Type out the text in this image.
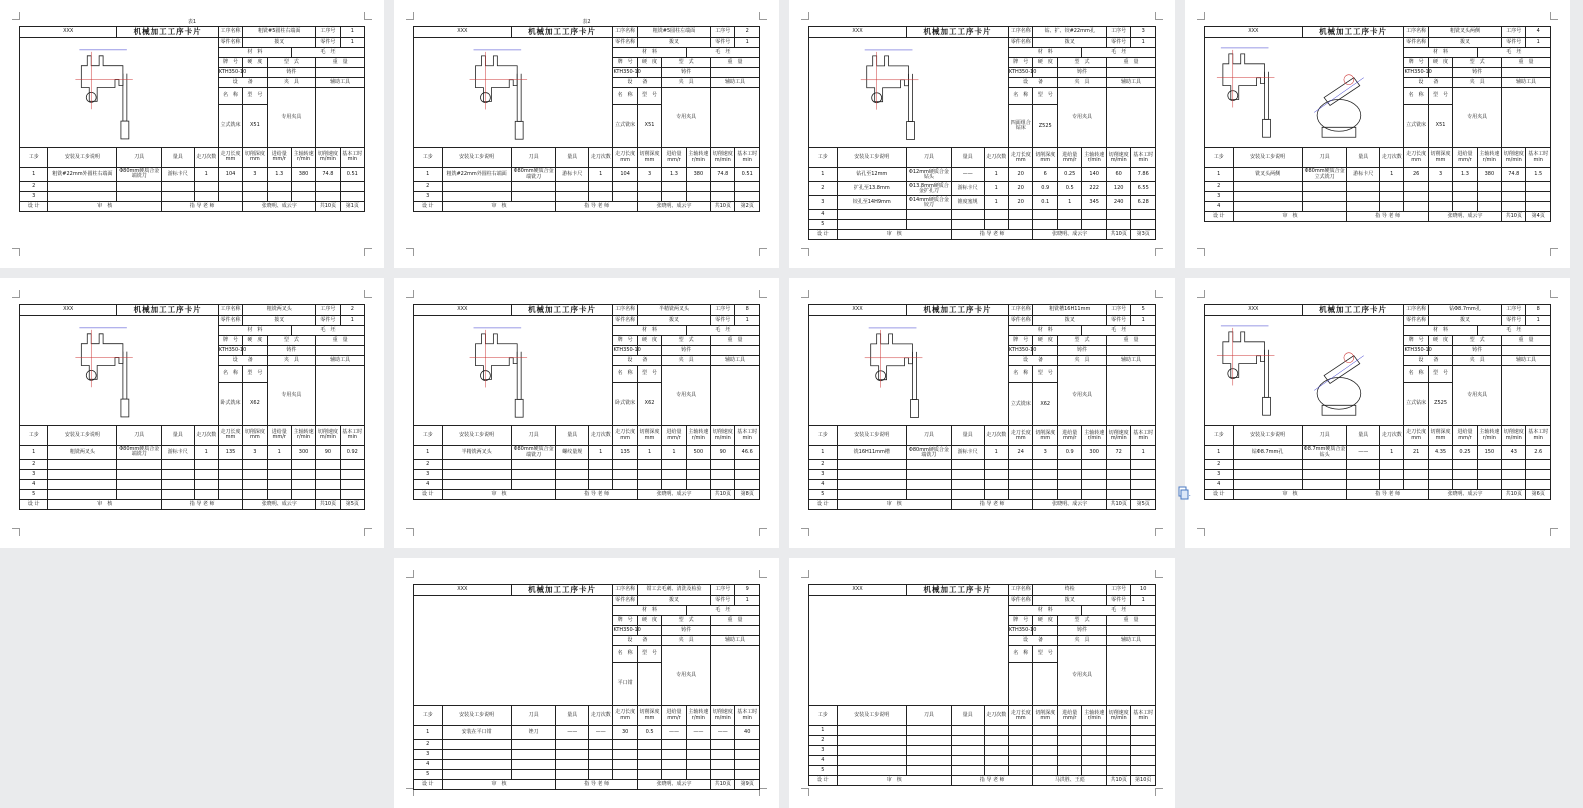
表1
XXX		机械加工工序卡片			工序名称	粗铣#5圆柱右端面			工序号	1

	零件名称	拨叉			零件号	1
					材　料			毛　坯		
					牌　号	硬　度	型　式		重　量	
					KTH350-10		铸件			
					设　　备		夹　具		辅助工具	
					名　称	型　号	专用夹具			
					立式铣床	X51				

工步	安装及工步说明	刀具	量具	走刀次数	走刀长度 mm	切削深度 mm	进给量 mm/r	主轴转速 r/min	切削速度 m/min	基本工时 min
1	粗铣#22mm外圆柱右端面	Φ80mm硬质合金端铣刀	游标卡尺	1	104	3	1.3	380	74.8	0.51
2										
3										
设 计	审　核		指 导 老 师			张晓明、成云宇			共10页	第1页
表2
XXX		机械加工工序卡片			工序名称	粗铣#5圆柱左端面			工序号	2

	零件名称	拨叉			零件号	1
					材　料			毛　坯		
					牌　号	硬　度	型　式		重　量	
					KTH350-10		铸件			
					设　　备		夹　具		辅助工具	
					名　称	型　号	专用夹具			
					立式铣床	X51				

工步	安装及工步说明	刀具	量具	走刀次数	走刀长度 mm	切削深度 mm	进给量 mm/r	主轴转速 r/min	切削速度 m/min	基本工时 min
1	粗铣#22mm外圆柱右端面	Φ80mm硬质合金端铣刀	游标卡尺	1	104	3	1.3	380	74.8	0.51
2										
3										
设 计	审　核		指 导 老 师			张晓明、成云宇			共10页	第2页
XXX		机械加工工序卡片			工序名称	钻、扩、铰#22mm孔			工序号	3

	零件名称	拨叉			零件号	1
					材　料			毛　坯		
					牌　号	硬　度	型　式		重　量	
					KTH350-10		铸件			
					设　　备		夹　具		辅助工具	
					名　称	型　号	专用夹具			
					四面组合钻床	Z525				

工步	安装及工步说明	刀具	量具	走刀次数	走刀长度 mm	切削深度 mm	进给量 mm/r	主轴转速 r/min	切削速度 m/min	基本工时 min
1	钻孔至12mm	Φ12mm硬质合金钻头	——	1	20	6	0.25	140	60	7.86
2	扩孔至13.8mm	Φ13.8mm硬质合金扩孔刀	游标卡尺	1	20	0.9	0.5	222	120	6.55
3	铰孔至14H9mm	Φ14mm硬质合金铰刀	锥度塞规	1	20	0.1	1	345	240	6.28
4										
5										
设 计	审　核		指 导 老 师			张晓明、成云宇			共10页	第3页
XXX		机械加工工序卡片			工序名称	粗铣叉头两侧			工序号	4

	零件名称	拨叉			零件号	1
					材　料			毛　坯		
					牌　号	硬　度	型　式		重　量	
					KTH350-10		铸件			
					设　　备		夹　具		辅助工具	
					名　称	型　号	专用夹具			
					立式铣床	X51				

工步	安装及工步说明	刀具	量具	走刀次数	走刀长度 mm	切削深度 mm	进给量 mm/r	主轴转速 r/min	切削速度 m/min	基本工时 min
1	铣叉头两侧	Φ80mm硬质合金立式铣刀	游标卡尺	1	26	3	1.3	380	74.8	1.5
2										
3										
4										
设 计	审　核		指 导 老 师			张晓明、成云宇			共10页	第4页
XXX		机械加工工序卡片			工序名称	粗铣两叉头			工序号	2

	零件名称	拨叉			零件号	1
					材　料			毛　坯		
					牌　号	硬　度	型　式		重　量	
					KTH350-10		铸件			
					设　　备		夹　具		辅助工具	
					名　称	型　号	专用夹具			
					卧式铣床	X62				

工步	安装及工步说明	刀具	量具	走刀次数	走刀长度 mm	切削深度 mm	进给量 mm/r	主轴转速 r/min	切削速度 m/min	基本工时 min
1	粗铣两叉头	Φ80mm硬质合金端铣刀	游标卡尺	1	135	3	1	300	90	0.92
2										
3										
4										
5										
设 计	审　核		指 导 老 师			张晓明、成云宇			共10页	第5页
XXX		机械加工工序卡片			工序名称	半精铣两叉头			工序号	8

	零件名称	拨叉			零件号	1
					材　料			毛　坯		
					牌　号	硬　度	型　式		重　量	
					KTH350-10		铸件			
					设　　备		夹　具		辅助工具	
					名　称	型　号	专用夹具			
					卧式铣床	X62				

工步	安装及工步说明	刀具	量具	走刀次数	走刀长度 mm	切削深度 mm	进给量 mm/r	主轴转速 r/min	切削速度 m/min	基本工时 min
1	半精铣两叉头	Φ80mm硬质合金端铣刀	螺纹量规	1	135	1	1	500	90	46.6
2										
3										
4										
设 计	审　核		指 导 老 师			张晓明、成云宇			共10页	第8页
XXX		机械加工工序卡片			工序名称	粗铣槽16H11mm			工序号	5

	零件名称	拨叉			零件号	1
					材　料			毛　坯		
					牌　号	硬　度	型　式		重　量	
					KTH350-10		铸件			
					设　　备		夹　具		辅助工具	
					名　称	型　号	专用夹具			
					立式铣床	X62				

工步	安装及工步说明	刀具	量具	走刀次数	走刀长度 mm	切削深度 mm	进给量 mm/r	主轴转速 r/min	切削速度 m/min	基本工时 min
1	铣16H11mm槽	Φ80mm硬质合金端铣刀	游标卡尺	1	24	3	0.9	300	72	1
2										
3										
4										
5										
设 计	审　核		指 导 老 师			张晓明、成云宇			共10页	第5页
XXX		机械加工工序卡片			工序名称	钻Φ8.7mm孔			工序号	8

	零件名称	拨叉			零件号	1
					材　料			毛　坯		
					牌　号	硬　度	型　式		重　量	
					KTH350-10		铸件			
					设　　备		夹　具		辅助工具	
					名　称	型　号	专用夹具			
					立式钻床	Z525				

工步	安装及工步说明	刀具	量具	走刀次数	走刀长度 mm	切削深度 mm	进给量 mm/r	主轴转速 r/min	切削速度 m/min	基本工时 min
1	钻Φ8.7mm孔	Φ8.7mm硬质合金钻头	——	1	21	4.35	0.25	150	43	2.6
2										
3										
4										
设 计	审　核		指 导 老 师			张晓明、成云宇			共10页	第6页
XXX		机械加工工序卡片			工序名称	钳工去毛刺、清洗及检验			工序号	9

	零件名称	拨叉			零件号	1
					材　料			毛　坯		
					牌　号	硬　度	型　式		重　量	
					KTH350-10		铸件			
					设　　备		夹　具		辅助工具	
					名　称	型　号	专用夹具			
					平口钳					

工步	安装及工步说明	刀具	量具	走刀次数	走刀长度 mm	切削深度 mm	进给量 mm/r	主轴转速 r/min	切削速度 m/min	基本工时 min
1	安装在平口钳	锉刀	——	——	30	0.5	——	——	——	40
2										
3										
4										
5										
设 计	审　核		指 导 老 师			张晓明、成云宇			共10页	第9页
XXX		机械加工工序卡片			工序名称	终检			工序号	10

	零件名称	拨叉			零件号	1
					材　料			毛　坯		
					牌　号	硬　度	型　式		重　量	
					KTH350-10		铸件			
					设　　备		夹　具		辅助工具	
					名　称	型　号	专用夹具			

工步	安装及工步说明	刀具	量具	走刀次数	走刀长度 mm	切削深度 mm	进给量 mm/r	主轴转速 r/min	切削速度 m/min	基本工时 min
1										
2										
3										
4										
5										
设 计	审　核		指 导 老 师			马洪胜、王彪			共10页	第10页
